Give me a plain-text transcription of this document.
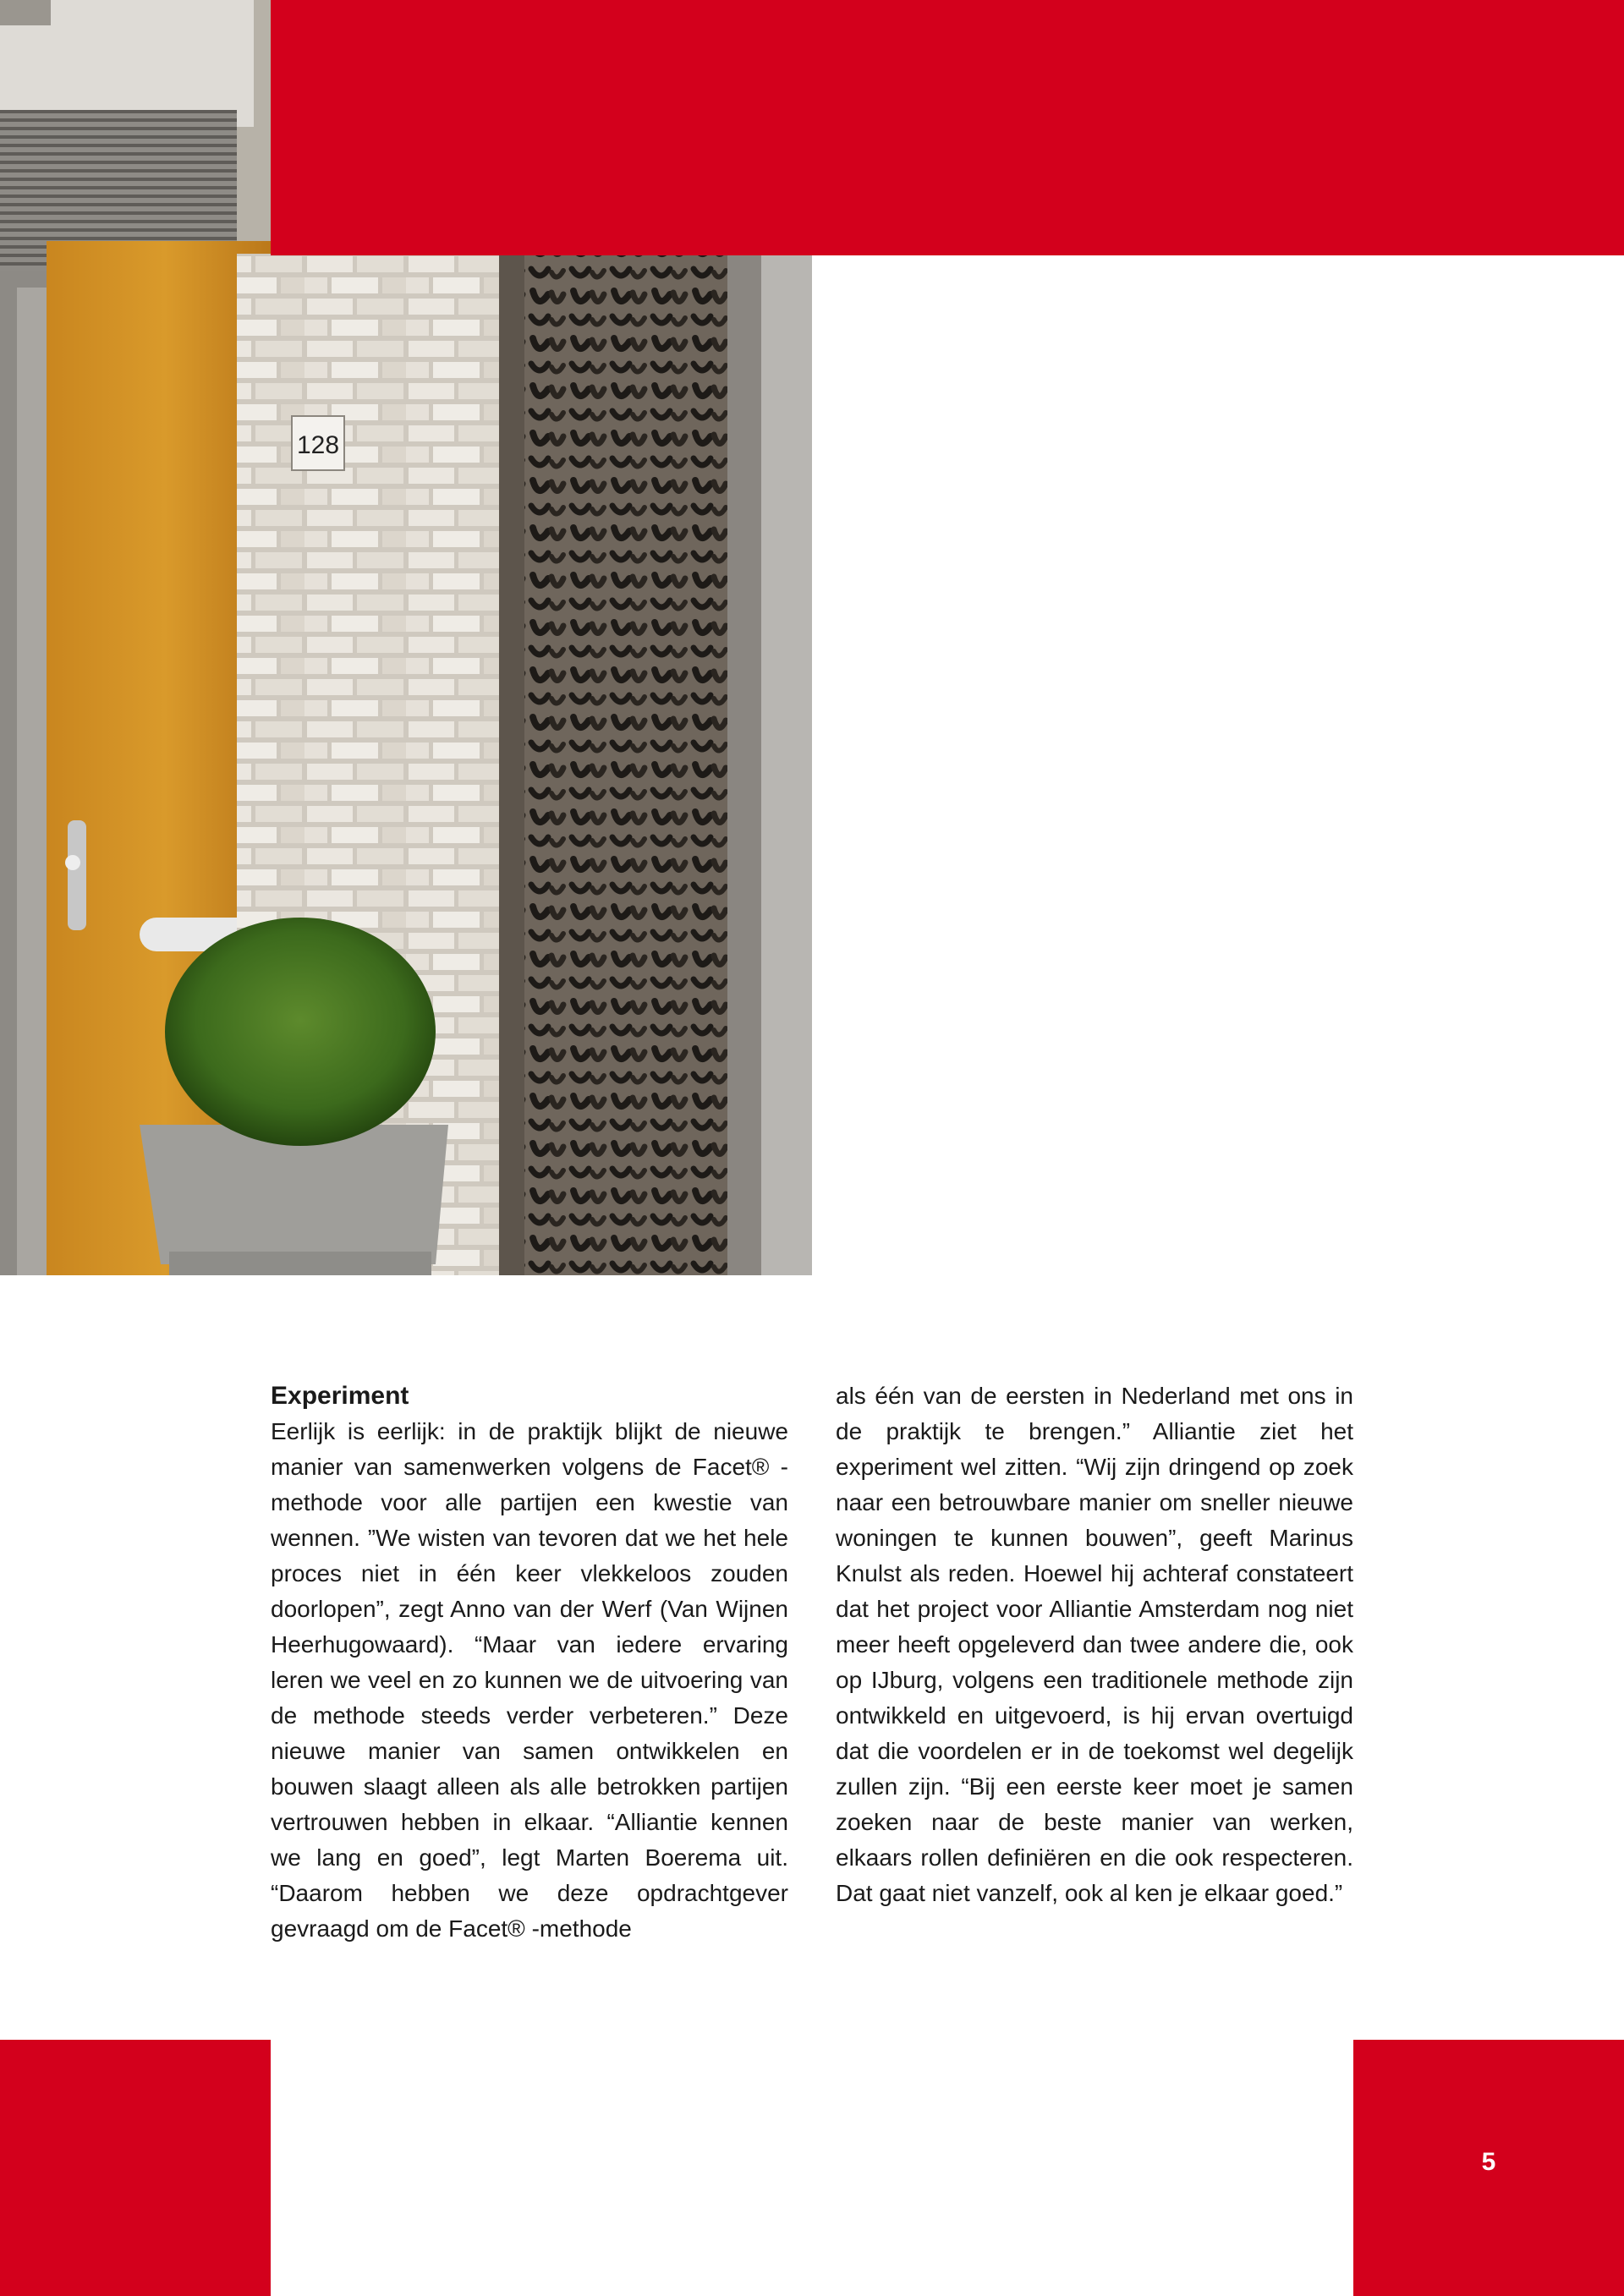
128
5
Experiment

Eerlijk is eerlijk: in de praktijk blijkt de nieuwe manier van samenwerken volgens de Facet® -methode voor alle partijen een kwestie van wennen. ”We wisten van tevoren dat we het hele proces niet in één keer vlekkeloos zouden doorlopen”, zegt Anno van der Werf (Van Wijnen Heerhugowaard). “Maar van iedere ervaring leren we veel en zo kunnen we de uitvoering van de methode steeds verder verbeteren.” Deze nieuwe manier van samen ontwikkelen en bouwen slaagt alleen als alle betrokken partijen vertrouwen hebben in elkaar. “Alliantie kennen we lang en goed”, legt Marten Boerema uit. “Daarom hebben we deze opdrachtgever gevraagd om de Facet® -methode

als één van de eersten in Nederland met ons in de praktijk te brengen.” Alliantie ziet het experiment wel zitten. “Wij zijn dringend op zoek naar een betrouwbare manier om sneller nieuwe woningen te kunnen bouwen”, geeft Marinus Knulst als reden. Hoewel hij achteraf constateert dat het project voor Alliantie Amsterdam nog niet meer heeft opgeleverd dan twee andere die, ook op IJburg, volgens een traditionele methode zijn ontwikkeld en uitgevoerd, is hij ervan overtuigd dat die voordelen er in de toekomst wel degelijk zullen zijn. “Bij een eerste keer moet je samen zoeken naar de beste manier van werken, elkaars rollen definiëren en die ook respecteren. Dat gaat niet vanzelf, ook al ken je elkaar goed.”
